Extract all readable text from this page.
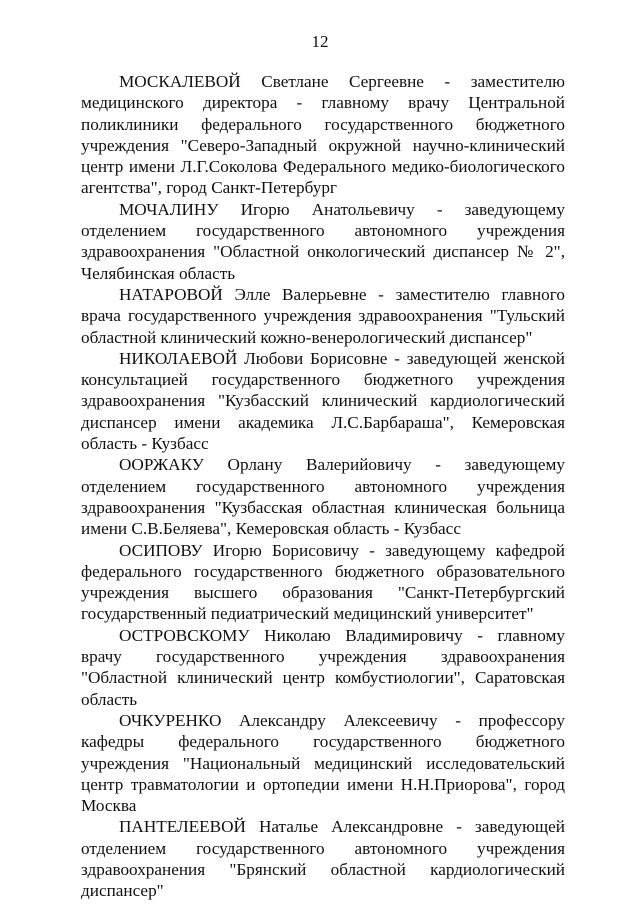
12

МОСКАЛЕВОЙ Светлане Сергеевне - заместителю медицинского директора - главному врачу Центральной поликлиники федерального государственного бюджетного учреждения "Северо-Западный окружной научно-клинический центр имени Л.Г.Соколова Федерального медико-биологического агентства", город Санкт-Петербург

МОЧАЛИНУ Игорю Анатольевичу - заведующему отделением государственного автономного учреждения здравоохранения "Областной онкологический диспансер № 2", Челябинская область

НАТАРОВОЙ Элле Валерьевне - заместителю главного врача государственного учреждения здравоохранения "Тульский областной клинический кожно-венерологический диспансер"

НИКОЛАЕВОЙ Любови Борисовне - заведующей женской консультацией государственного бюджетного учреждения здравоохранения "Кузбасский клинический кардиологический диспансер имени академика Л.С.Барбараша", Кемеровская область - Кузбасс

ООРЖАКУ Орлану Валерийовичу - заведующему отделением государственного автономного учреждения здравоохранения "Кузбасская областная клиническая больница имени С.В.Беляева", Кемеровская область - Кузбасс

ОСИПОВУ Игорю Борисовичу - заведующему кафедрой федерального государственного бюджетного образовательного учреждения высшего образования "Санкт-Петербургский государственный педиатрический медицинский университет"

ОСТРОВСКОМУ Николаю Владимировичу - главному врачу государственного учреждения здравоохранения "Областной клинический центр комбустиологии", Саратовская область

ОЧКУРЕНКО Александру Алексеевичу - профессору кафедры федерального государственного бюджетного учреждения "Национальный медицинский исследовательский центр травматологии и ортопедии имени Н.Н.Приорова", город Москва

ПАНТЕЛЕЕВОЙ Наталье Александровне - заведующей отделением государственного автономного учреждения здравоохранения "Брянский областной кардиологический диспансер"
